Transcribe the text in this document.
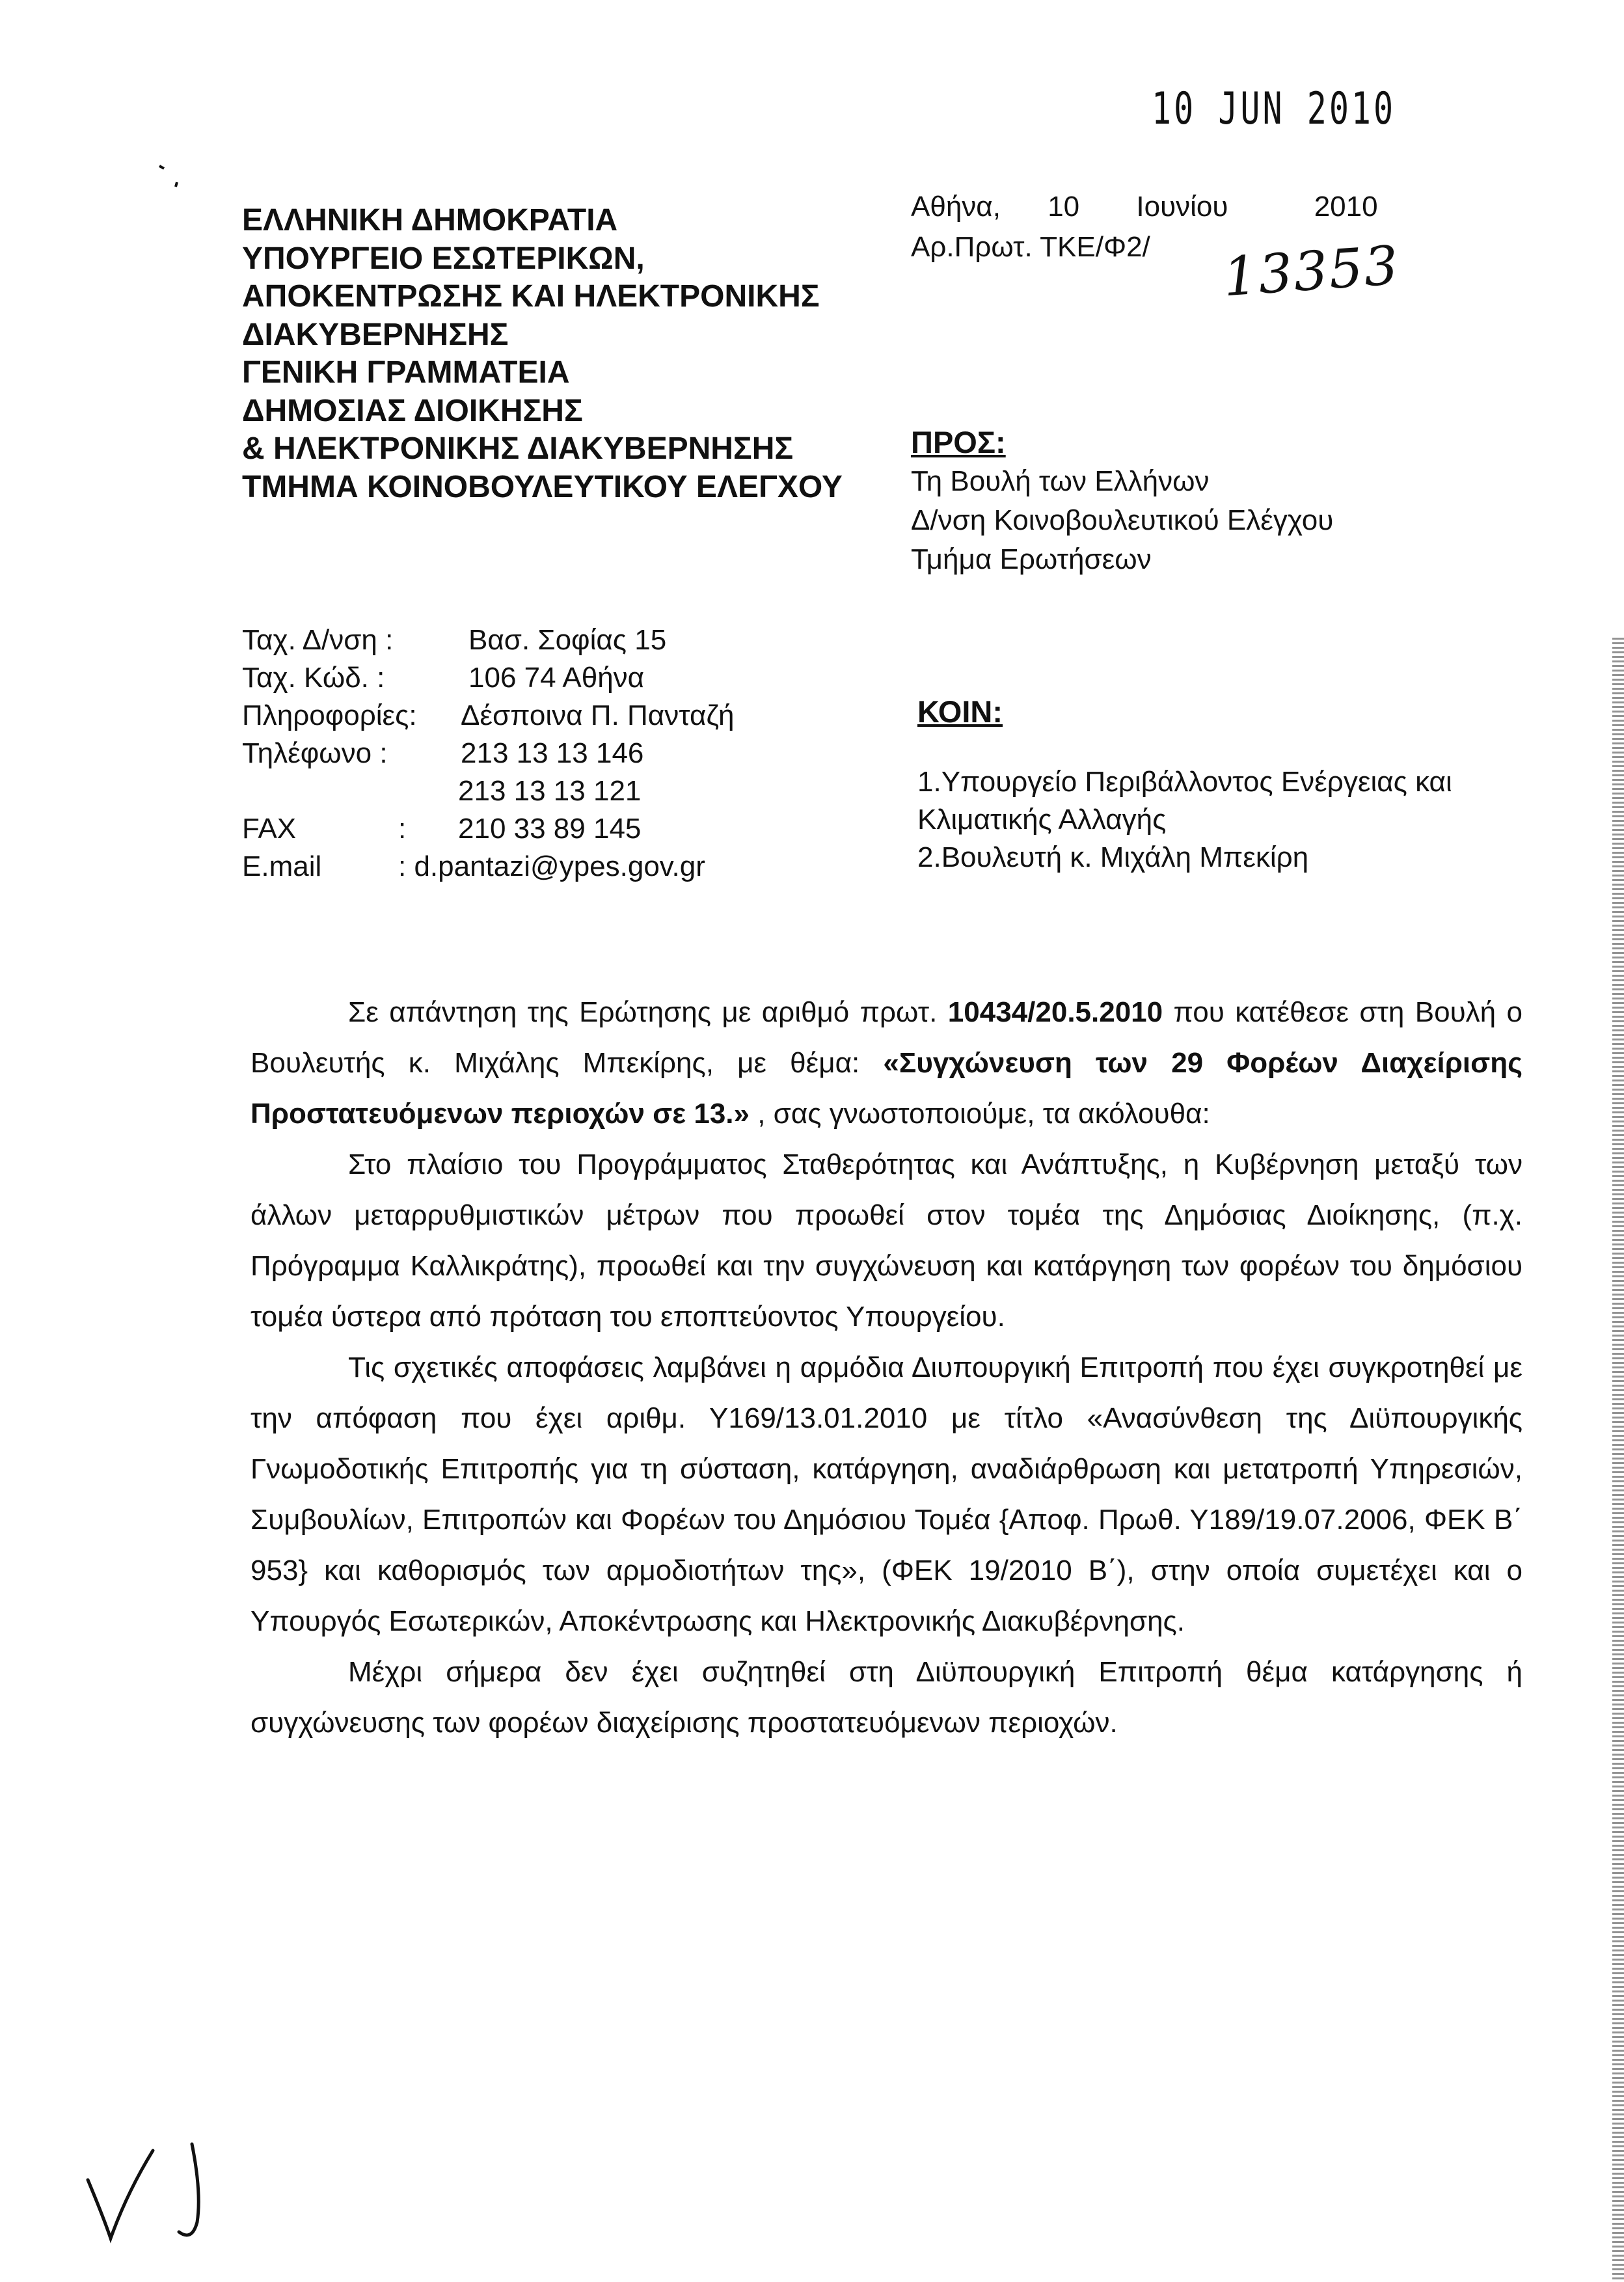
10 JUN 2010
ΕΛΛΗΝΙΚΗ ΔΗΜΟΚΡΑΤΙΑ
ΥΠΟΥΡΓΕΙΟ ΕΣΩΤΕΡΙΚΩΝ,
ΑΠΟΚΕΝΤΡΩΣΗΣ ΚΑΙ ΗΛΕΚΤΡΟΝΙΚΗΣ
ΔΙΑΚΥΒΕΡΝΗΣΗΣ
ΓΕΝΙΚΗ ΓΡΑΜΜΑΤΕΙΑ
ΔΗΜΟΣΙΑΣ ΔΙΟΙΚΗΣΗΣ
& ΗΛΕΚΤΡΟΝΙΚΗΣ ΔΙΑΚΥΒΕΡΝΗΣΗΣ
ΤΜΗΜΑ ΚΟΙΝΟΒΟΥΛΕΥΤΙΚΟΥ ΕΛΕΓΧΟΥ
Αθήνα, 10 Ιουνίου	2010
Αρ.Πρωτ. ΤΚΕ/Φ2/ 13353
ΠΡΟΣ:
Τη Βουλή των Ελλήνων
Δ/νση Κοινοβουλευτικού Ελέγχου
Τμήμα Ερωτήσεων
Ταχ. Δ/νση :	Βασ. Σοφίας 15
Ταχ. Κώδ. :	106 74 Αθήνα
Πληροφορίες: Δέσποινα Π. Πανταζή
Τηλέφωνο :	213 13 13 146
213 13 13 121
FAX	: 210 33 89 145
E.mail	: d.pantazi@ypes.gov.gr
ΚΟΙΝ:
1.Υπουργείο Περιβάλλοντος Ενέργειας και
Κλιματικής Αλλαγής
2.Βουλευτή κ. Μιχάλη Μπεκίρη

Σε απάντηση της Ερώτησης με αριθμό πρωτ. 10434/20.5.2010 που κατέθεσε στη Βουλή ο Βουλευτής κ. Μιχάλης Μπεκίρης, με θέμα: «Συγχώνευση των 29 Φορέων Διαχείρισης Προστατευόμενων περιοχών σε 13.» , σας γνωστοποιούμε, τα ακόλουθα:

Στο πλαίσιο του Προγράμματος Σταθερότητας και Ανάπτυξης, η Κυβέρνηση μεταξύ των άλλων μεταρρυθμιστικών μέτρων που προωθεί στον τομέα της Δημόσιας Διοίκησης, (π.χ. Πρόγραμμα Καλλικράτης), προωθεί και την συγχώνευση και κατάργηση των φορέων του δημόσιου τομέα ύστερα από πρόταση του εποπτεύοντος Υπουργείου.

Τις σχετικές αποφάσεις λαμβάνει η αρμόδια Διυπουργική Επιτροπή που έχει συγκροτηθεί με την απόφαση που έχει αριθμ. Υ169/13.01.2010 με τίτλο «Ανασύνθεση της Διϋπουργικής Γνωμοδοτικής Επιτροπής για τη σύσταση, κατάργηση, αναδιάρθρωση και μετατροπή Υπηρεσιών, Συμβουλίων, Επιτροπών και Φορέων του Δημόσιου Τομέα {Αποφ. Πρωθ. Υ189/19.07.2006, ΦΕΚ Β΄ 953} και καθορισμός των αρμοδιοτήτων της», (ΦΕΚ 19/2010 Β΄), στην οποία συμετέχει και ο Υπουργός Εσωτερικών, Αποκέντρωσης και Ηλεκτρονικής Διακυβέρνησης.

Μέχρι σήμερα δεν έχει συζητηθεί στη Διϋπουργική Επιτροπή θέμα κατάργησης ή συγχώνευσης των φορέων διαχείρισης προστατευόμενων περιοχών.
